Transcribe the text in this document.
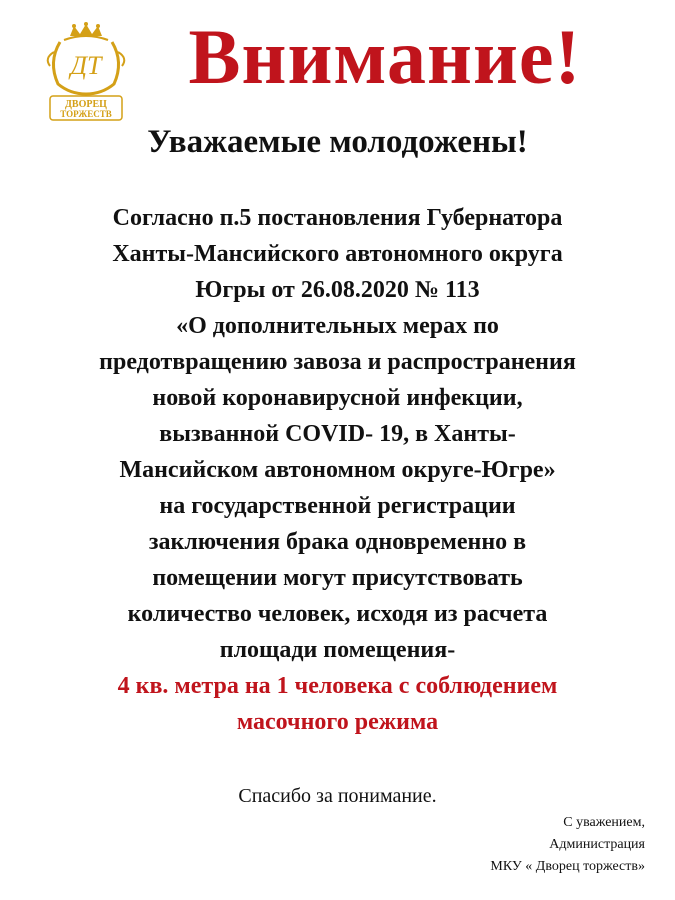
ДТ
ДВОРЕЦ
ТОРЖЕСТВ
Внимание!
Уважаемые молодожены!
Согласно п.5 постановления Губернатора
Ханты-Мансийского автономного округа
Югры от 26.08.2020 № 113
«О дополнительных мерах по
предотвращению завоза и распространения
новой коронавирусной инфекции,
вызванной COVID- 19, в Ханты-
Мансийском автономном округе-Югре»
на государственной регистрации
заключения брака одновременно в
помещении могут присутствовать
количество человек, исходя из расчета
площади помещения-
4 кв. метра на 1 человека с соблюдением
масочного режима
Спасибо за понимание.
С уважением,
Администрация
МКУ « Дворец торжеств»
